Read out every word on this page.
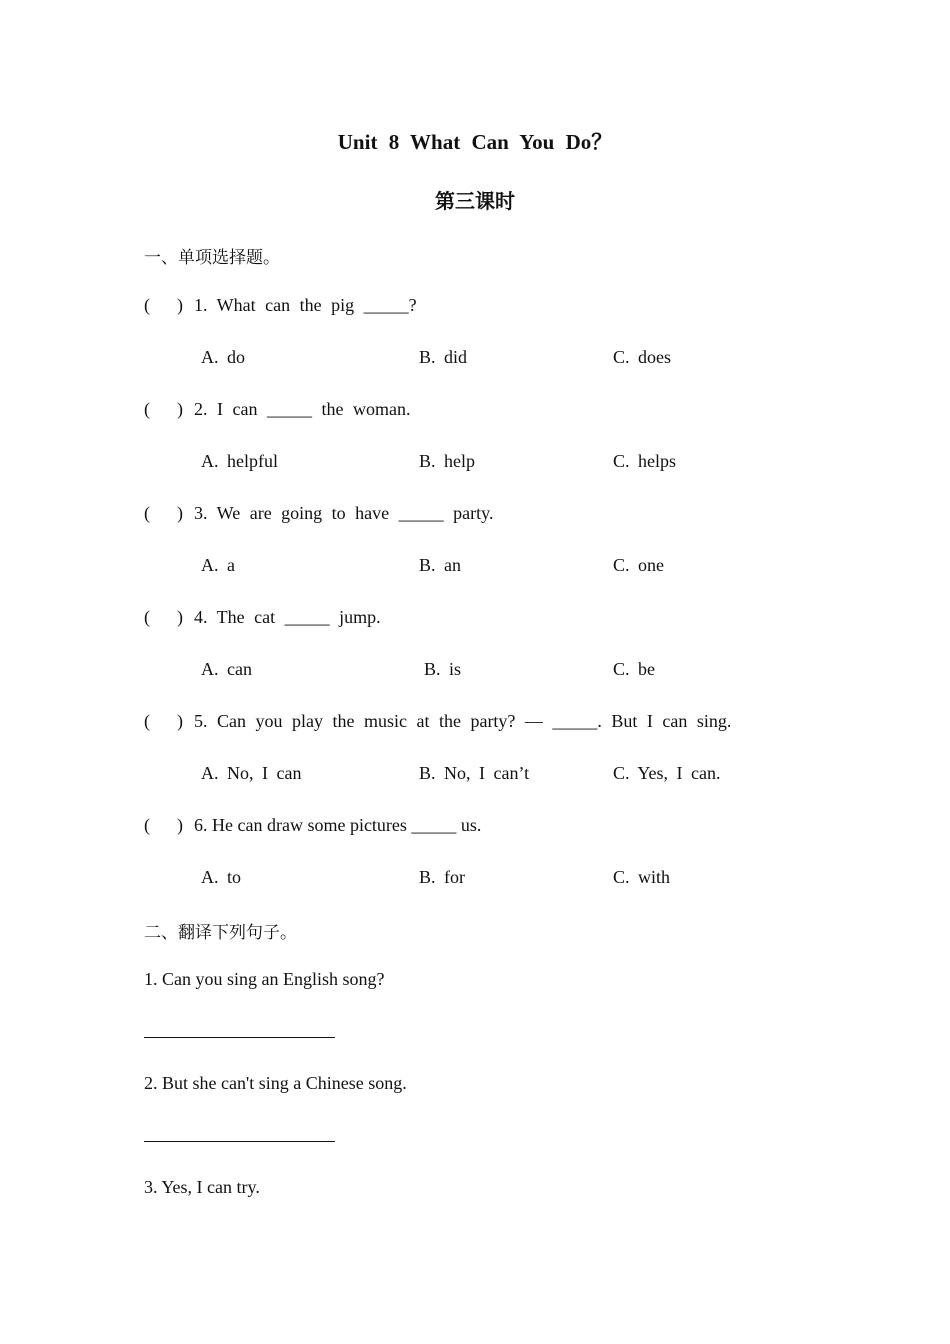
Unit 8 What Can You Do？
第三课时
一、单项选择题。
(      ) 1. What can the pig _____?
A. do	B. did	C. does
(      ) 2. I can _____ the woman.
A. helpful	B. help	C. helps
(      ) 3. We are going to have _____ party.
A. a	B. an	C. one
(      ) 4. The cat _____ jump.
A. can	B. is	C. be
(      ) 5. Can you play the music at the party? — _____. But I can sing.
A. No, I can	B. No, I can’t	C. Yes, I can.
(      ) 6. He can draw some pictures _____ us.
A. to	B. for	C. with
二、翻译下列句子。
1. Can you sing an English song?
2. But she can't sing a Chinese song.
3. Yes, I can try.
